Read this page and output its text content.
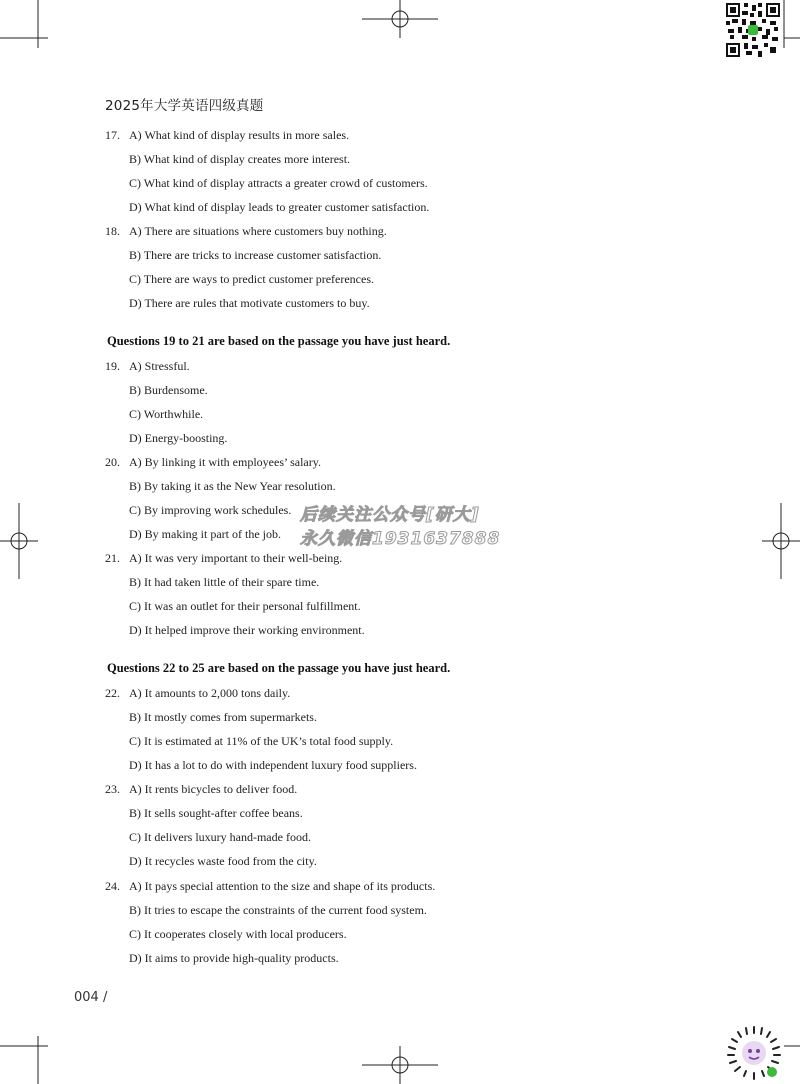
2025年大学英语四级真题
17. A) What kind of display results in more sales.
B) What kind of display creates more interest.
C) What kind of display attracts a greater crowd of customers.
D) What kind of display leads to greater customer satisfaction.
18. A) There are situations where customers buy nothing.
B) There are tricks to increase customer satisfaction.
C) There are ways to predict customer preferences.
D) There are rules that motivate customers to buy.
Questions 19 to 21 are based on the passage you have just heard.
19. A) Stressful.
B) Burdensome.
C) Worthwhile.
D) Energy-boosting.
20. A) By linking it with employees’ salary.
B) By taking it as the New Year resolution.
C) By improving work schedules.
D) By making it part of the job.
21. A) It was very important to their well-being.
B) It had taken little of their spare time.
C) It was an outlet for their personal fulfillment.
D) It helped improve their working environment.
后续关注公众号[研大]
永久微信19316​37888
Questions 22 to 25 are based on the passage you have just heard.
22. A) It amounts to 2,000 tons daily.
B) It mostly comes from supermarkets.
C) It is estimated at 11% of the UK’s total food supply.
D) It has a lot to do with independent luxury food suppliers.
23. A) It rents bicycles to deliver food.
B) It sells sought-after coffee beans.
C) It delivers luxury hand-made food.
D) It recycles waste food from the city.
24. A) It pays special attention to the size and shape of its products.
B) It tries to escape the constraints of the current food system.
C) It cooperates closely with local producers.
D) It aims to provide high-quality products.
004 /
